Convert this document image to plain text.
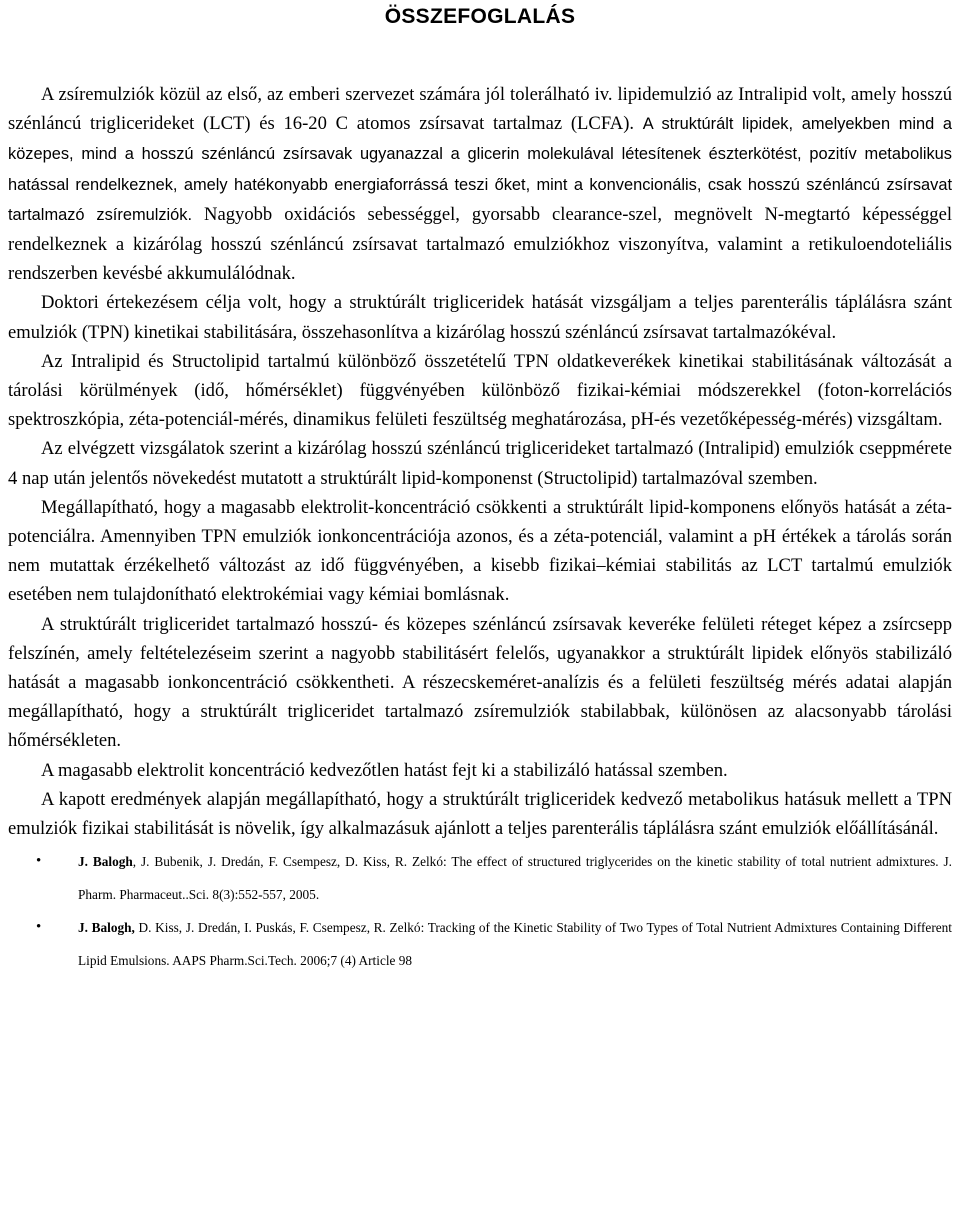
ÖSSZEFOGLALÁS

A zsíremulziók közül az első, az emberi szervezet számára jól tolerálható iv. lipidemulzió az Intralipid volt, amely hosszú szénláncú triglicerideket (LCT) és 16-20 C atomos zsírsavat tartalmaz (LCFA). A struktúrált lipidek, amelyekben mind a közepes, mind a hosszú szénláncú zsírsavak ugyanazzal a glicerin molekulával létesítenek észterkötést, pozitív metabolikus hatással rendelkeznek, amely hatékonyabb energiaforrássá teszi őket, mint a konvencionális, csak hosszú szénláncú zsírsavat tartalmazó zsíremulziók. Nagyobb oxidációs sebességgel, gyorsabb clearance-szel, megnövelt N-megtartó képességgel rendelkeznek a kizárólag hosszú szénláncú zsírsavat tartalmazó emulziókhoz viszonyítva, valamint a retikuloendoteliális rendszerben kevésbé akkumulálódnak.

Doktori értekezésem célja volt, hogy a struktúrált trigliceridek hatását vizsgáljam a teljes parenterális táplálásra szánt emulziók (TPN) kinetikai stabilitására, összehasonlítva a kizárólag hosszú szénláncú zsírsavat tartalmazókéval.

Az Intralipid és Structolipid tartalmú különböző összetételű TPN oldatkeverékek kinetikai stabilitásának változását a tárolási körülmények (idő, hőmérséklet) függvényében különböző fizikai-kémiai módszerekkel (foton-korrelációs spektroszkópia, zéta-potenciál-mérés, dinamikus felületi feszültség meghatározása, pH-és vezetőképesség-mérés) vizsgáltam.

Az elvégzett vizsgálatok szerint a kizárólag hosszú szénláncú triglicerideket tartalmazó (Intralipid) emulziók cseppmérete 4 nap után jelentős növekedést mutatott a struktúrált lipid-komponenst (Structolipid) tartalmazóval szemben.

Megállapítható, hogy a magasabb elektrolit-koncentráció csökkenti a struktúrált lipid-komponens előnyös hatását a zéta-potenciálra. Amennyiben TPN emulziók ionkoncentrációja azonos, és a zéta-potenciál, valamint a pH értékek a tárolás során nem mutattak érzékelhető változást az idő függvényében, a kisebb fizikai–kémiai stabilitás az LCT tartalmú emulziók esetében nem tulajdonítható elektrokémiai vagy kémiai bomlásnak.

A struktúrált trigliceridet tartalmazó hosszú- és közepes szénláncú zsírsavak keveréke felületi réteget képez a zsírcsepp felszínén, amely feltételezéseim szerint a nagyobb stabilitásért felelős, ugyanakkor a struktúrált lipidek előnyös stabilizáló hatását a magasabb ionkoncentráció csökkentheti. A részecskeméret-analízis és a felületi feszültség mérés adatai alapján megállapítható, hogy a struktúrált trigliceridet tartalmazó zsíremulziók stabilabbak, különösen az alacsonyabb tárolási hőmérsékleten.

A magasabb elektrolit koncentráció kedvezőtlen hatást fejt ki a stabilizáló hatással szemben.

A kapott eredmények alapján megállapítható, hogy a struktúrált trigliceridek kedvező metabolikus hatásuk mellett a TPN emulziók fizikai stabilitását is növelik, így alkalmazásuk ajánlott a teljes parenterális táplálásra szánt emulziók előállításánál.

•	J. Balogh, J. Bubenik, J. Dredán, F. Csempesz, D. Kiss, R. Zelkó: The effect of structured triglycerides on the kinetic stability of total nutrient admixtures. J. Pharm. Pharmaceut..Sci. 8(3):552-557, 2005.
•	J. Balogh, D. Kiss, J. Dredán, I. Puskás, F. Csempesz, R. Zelkó: Tracking of the Kinetic Stability of Two Types of Total Nutrient Admixtures Containing Different Lipid Emulsions. AAPS Pharm.Sci.Tech. 2006;7 (4) Article 98
